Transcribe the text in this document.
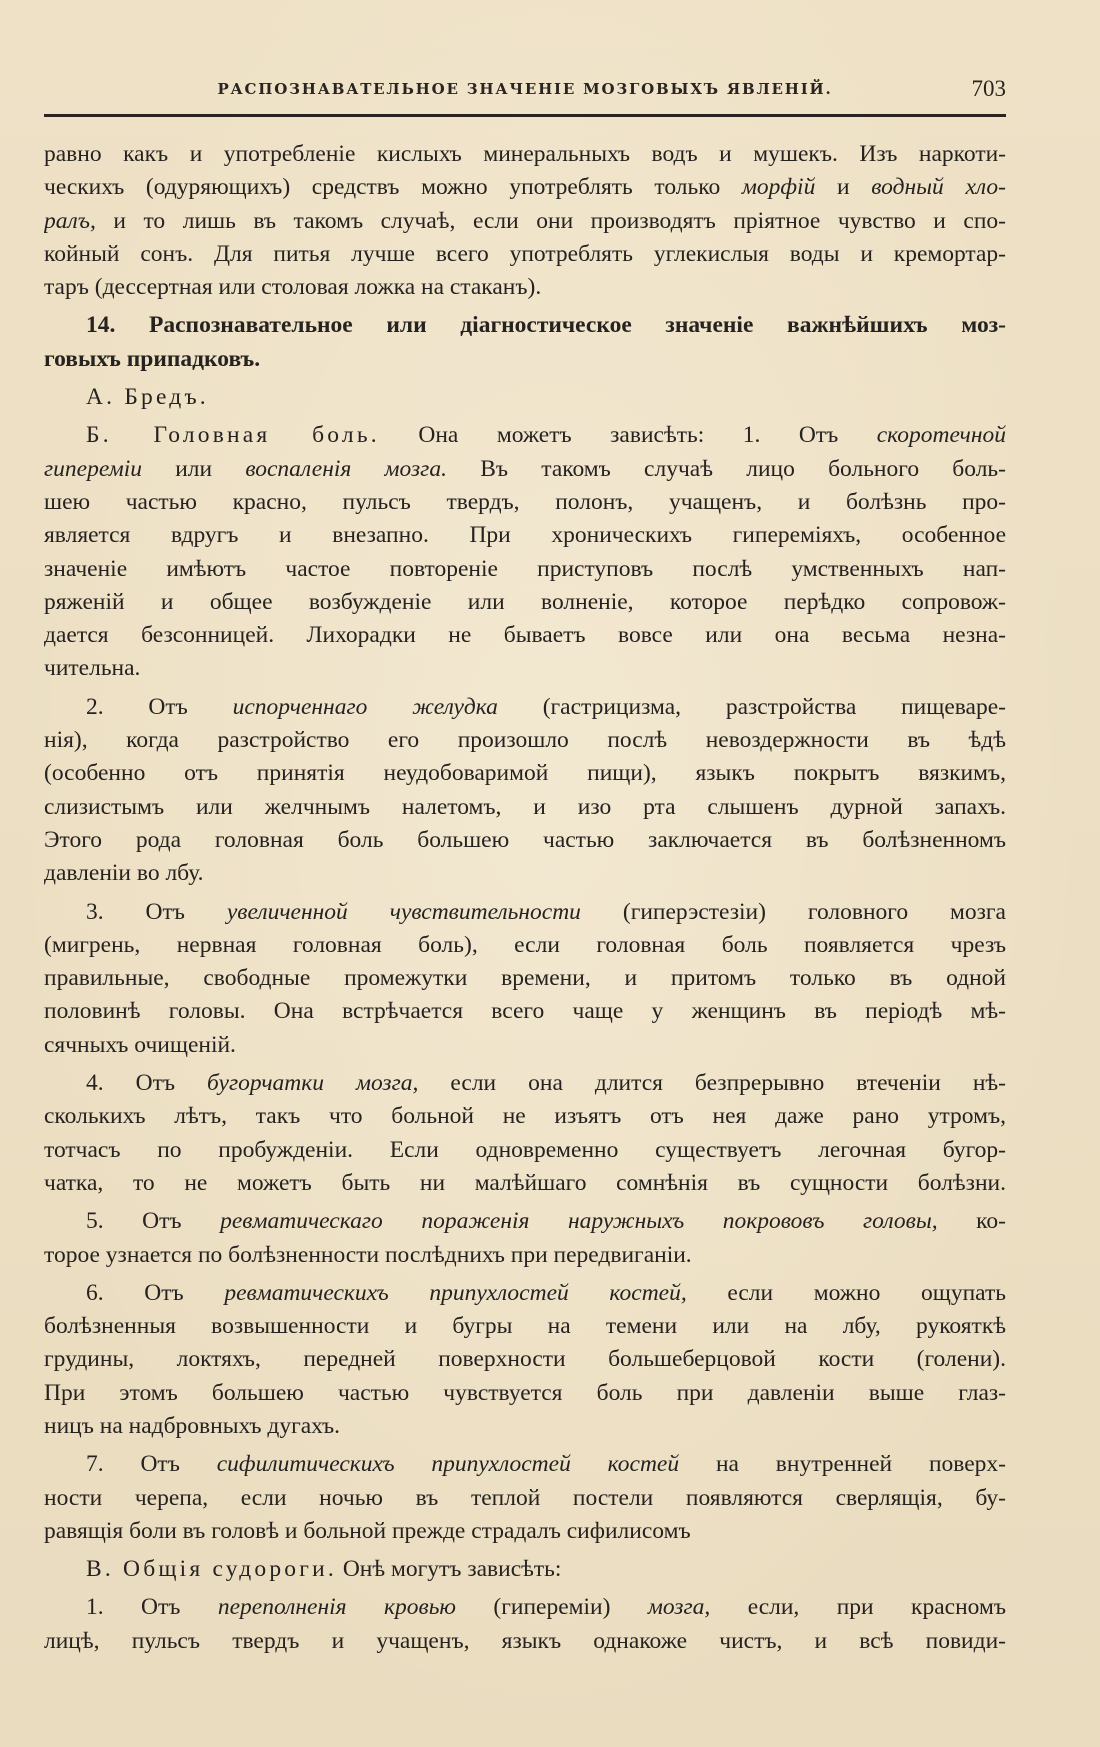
РАСПОЗНАВАТЕЛЬНОЕ ЗНАЧЕНІЕ МОЗГОВЫХЪ ЯВЛЕНІЙ.	703
равно какъ и употребленіе кислыхъ минеральныхъ водъ и мушекъ. Изъ наркоти-
ческихъ (одуряющихъ) средствъ можно употреблять только морфій и водный хло-
ралъ, и то лишь въ такомъ случаѣ, если они производятъ пріятное чувство и спо-
койный сонъ. Для питья лучше всего употреблять углекислыя воды и кремортар-
таръ (дессертная или столовая ложка на стаканъ).
14. Распознавательное или діагностическое значеніе важнѣйшихъ моз-
говыхъ припадковъ.
А. Бредъ.
Б. Головная боль. Она можетъ зависѣть: 1. Отъ скоротечной
гипереміи или воспаленія мозга. Въ такомъ случаѣ лицо больного боль-
шею частью красно, пульсъ твердъ, полонъ, учащенъ, и болѣзнь про-
является вдругъ и внезапно. При хроническихъ гипереміяхъ, особенное
значеніе имѣютъ частое повтореніе приступовъ послѣ умственныхъ нап-
ряженій и общее возбужденіе или волненіе, которое перѣдко сопровож-
дается безсонницей. Лихорадки не бываетъ вовсе или она весьма незна-
чительна.
2. Отъ испорченнаго желудка (гастрицизма, разстройства пищеваре-
нія), когда разстройство его произошло послѣ невоздержности въ ѣдѣ
(особенно отъ принятія неудобоваримой пищи), языкъ покрытъ вязкимъ,
слизистымъ или желчнымъ налетомъ, и изо рта слышенъ дурной запахъ.
Этого рода головная боль большею частью заключается въ болѣзненномъ
давленіи во лбу.
3. Отъ увеличенной чувствительности (гиперэстезіи) головного мозга
(мигрень, нервная головная боль), если головная боль появляется чрезъ
правильные, свободные промежутки времени, и притомъ только въ одной
половинѣ головы. Она встрѣчается всего чаще у женщинъ въ періодѣ мѣ-
сячныхъ очищеній.
4. Отъ бугорчатки мозга, если она длится безпрерывно втеченіи нѣ-
сколькихъ лѣтъ, такъ что больной не изъятъ отъ нея даже рано утромъ,
тотчасъ по пробужденіи. Если одновременно существуетъ легочная бугор-
чатка, то не можетъ быть ни малѣйшаго сомнѣнія въ сущности болѣзни.
5. Отъ ревматическаго пораженія наружныхъ покрововъ головы, ко-
торое узнается по болѣзненности послѣднихъ при передвиганіи.
6. Отъ ревматическихъ припухлостей костей, если можно ощупать
болѣзненныя возвышенности и бугры на темени или на лбу, рукояткѣ
грудины, локтяхъ, передней поверхности большеберцовой кости (голени).
При этомъ большею частью чувствуется боль при давленіи выше глаз-
ницъ на надбровныхъ дугахъ.
7. Отъ сифилитическихъ припухлостей костей на внутренней поверх-
ности черепа, если ночью въ теплой постели появляются сверлящія, бу-
равящія боли въ головѣ и больной прежде страдалъ сифилисомъ
В. Общія судороги. Онѣ могутъ зависѣть:
1. Отъ переполненія кровью (гипереміи) мозга, если, при красномъ
лицѣ, пульсъ твердъ и учащенъ, языкъ однакоже чистъ, и всѣ повиди-
